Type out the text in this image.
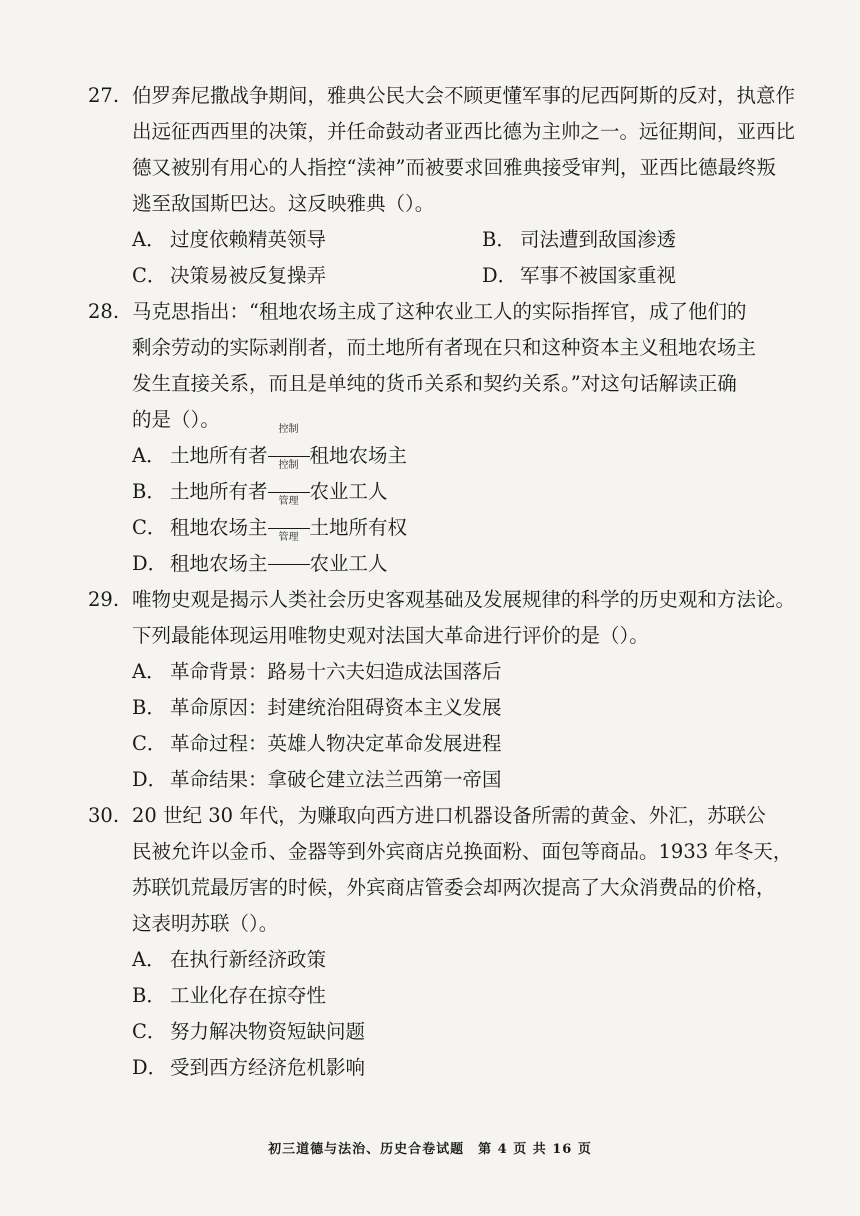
27. 伯罗奔尼撒战争期间，雅典公民大会不顾更懂军事的尼西阿斯的反对，执意作
出远征西西里的决策，并任命鼓动者亚西比德为主帅之一。远征期间，亚西比
德又被别有用心的人指控“渎神”而被要求回雅典接受审判，亚西比德最终叛
逃至敌国斯巴达。这反映雅典（）。
A． 过度依赖精英领导	B． 司法遭到敌国渗透
C． 决策易被反复操弄	D． 军事不被国家重视
28. 马克思指出：“租地农场主成了这种农业工人的实际指挥官，成了他们的
剩余劳动的实际剥削者，而土地所有者现在只和这种资本主义租地农场主
发生直接关系，而且是单纯的货币关系和契约关系。”对这句话解读正确
的是（）。
A． 土地所有者
控制
租地农场主
B． 土地所有者
控制
农业工人
C． 租地农场主
管理
土地所有权
D． 租地农场主
管理
农业工人
29. 唯物史观是揭示人类社会历史客观基础及发展规律的科学的历史观和方法论。
下列最能体现运用唯物史观对法国大革命进行评价的是（）。
A． 革命背景：路易十六夫妇造成法国落后
B． 革命原因：封建统治阻碍资本主义发展
C． 革命过程：英雄人物决定革命发展进程
D． 革命结果：拿破仑建立法兰西第一帝国
30. 20 世纪 30 年代，为赚取向西方进口机器设备所需的黄金、外汇，苏联公
民被允许以金币、金器等到外宾商店兑换面粉、面包等商品。1933 年冬天，
苏联饥荒最厉害的时候，外宾商店管委会却两次提高了大众消费品的价格，
这表明苏联（）。
A． 在执行新经济政策
B． 工业化存在掠夺性
C． 努力解决物资短缺问题
D． 受到西方经济危机影响
初三道德与法治、历史合卷试题　第 4 页 共 16 页
